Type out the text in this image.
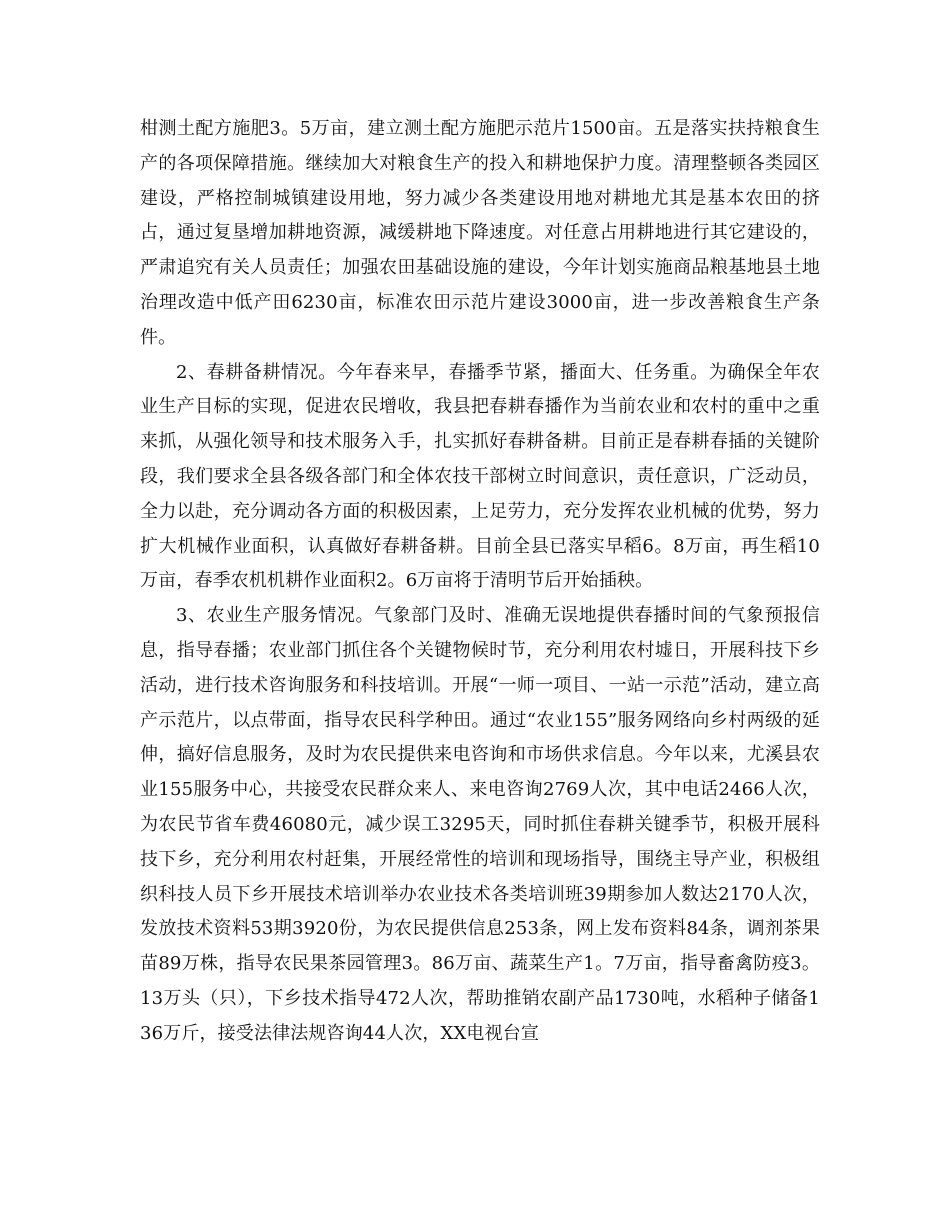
柑测土配方施肥3。5万亩，建立测土配方施肥示范片1500亩。五是落实扶持粮食生产的各项保障措施。继续加大对粮食生产的投入和耕地保护力度。清理整顿各类园区建设，严格控制城镇建设用地，努力减少各类建设用地对耕地尤其是基本农田的挤占，通过复垦增加耕地资源，减缓耕地下降速度。对任意占用耕地进行其它建设的，严肃追究有关人员责任；加强农田基础设施的建设，今年计划实施商品粮基地县土地治理改造中低产田6230亩，标准农田示范片建设3000亩，进一步改善粮食生产条件。

2、春耕备耕情况。今年春来早，春播季节紧，播面大、任务重。为确保全年农业生产目标的实现，促进农民增收，我县把春耕春播作为当前农业和农村的重中之重来抓，从强化领导和技术服务入手，扎实抓好春耕备耕。目前正是春耕春插的关键阶段，我们要求全县各级各部门和全体农技干部树立时间意识，责任意识，广泛动员，全力以赴，充分调动各方面的积极因素，上足劳力，充分发挥农业机械的优势，努力扩大机械作业面积，认真做好春耕备耕。目前全县已落实早稻6。8万亩，再生稻10万亩，春季农机机耕作业面积2。6万亩将于清明节后开始插秧。

3、农业生产服务情况。气象部门及时、准确无误地提供春播时间的气象预报信息，指导春播；农业部门抓住各个关键物候时节，充分利用农村墟日，开展科技下乡活动，进行技术咨询服务和科技培训。开展“一师一项目、一站一示范”活动，建立高产示范片，以点带面，指导农民科学种田。通过“农业155”服务网络向乡村两级的延伸，搞好信息服务，及时为农民提供来电咨询和市场供求信息。今年以来，尤溪县农业155服务中心，共接受农民群众来人、来电咨询2769人次，其中电话2466人次，为农民节省车费46080元，减少误工3295天，同时抓住春耕关键季节，积极开展科技下乡，充分利用农村赶集，开展经常性的培训和现场指导，围绕主导产业，积极组织科技人员下乡开展技术培训举办农业技术各类培训班39期参加人数达2170人次，发放技术资料53期3920份，为农民提供信息253条，网上发布资料84条，调剂茶果苗89万株，指导农民果茶园管理3。86万亩、蔬菜生产1。7万亩，指导畜禽防疫3。13万头（只），下乡技术指导472人次，帮助推销农副产品1730吨，水稻种子储备136万斤，接受法律法规咨询44人次，XX电视台宣
